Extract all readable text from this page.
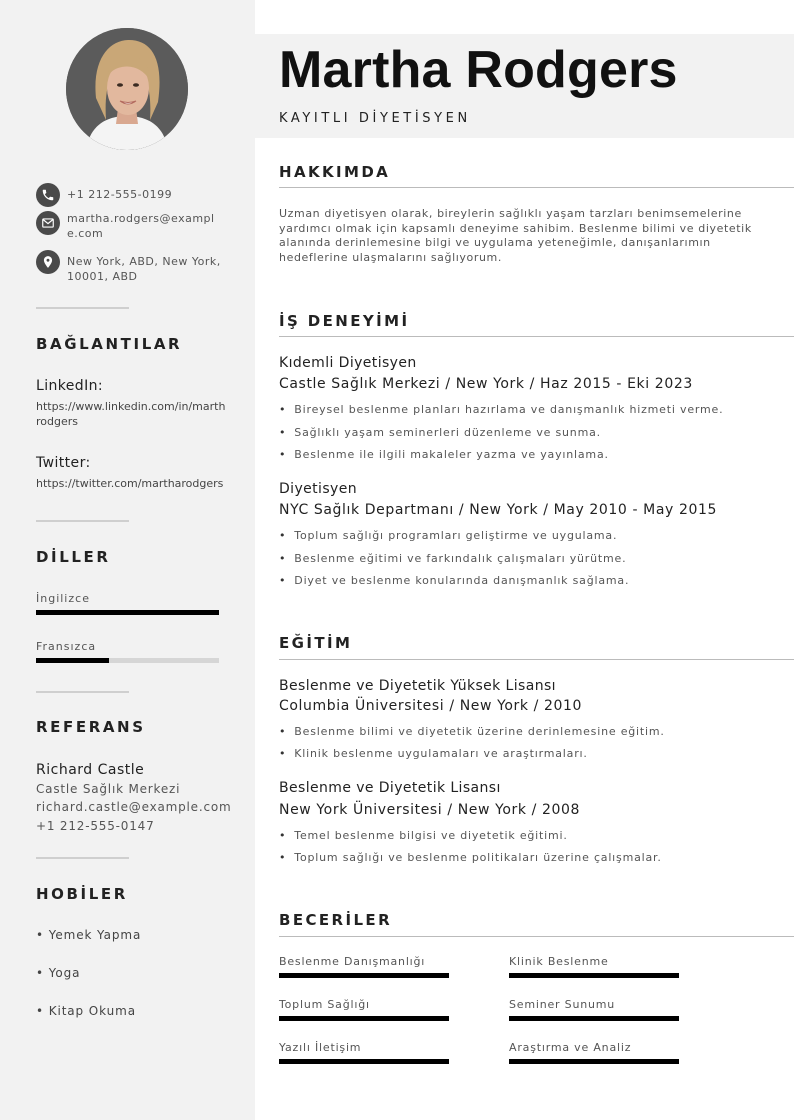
+1 212-555-0199
martha.rodgers@example.com
New York, ABD, New York, 10001, ABD
BAĞLANTILAR
LinkedIn:
https://www.linkedin.com/in/marthrodgers
Twitter:
https://twitter.com/martharodgers
DİLLER
İngilizce
Fransızca
REFERANS
Richard Castle
Castle Sağlık Merkezi
richard.castle@example.com
+1 212-555-0147
HOBİLER
• Yemek Yapma
• Yoga
• Kitap Okuma
Martha Rodgers
KAYITLI DİYETİSYEN
HAKKIMDA
Uzman diyetisyen olarak, bireylerin sağlıklı yaşam tarzları benimsemelerine yardımcı olmak için kapsamlı deneyime sahibim. Beslenme bilimi ve diyetetik alanında derinlemesine bilgi ve uygulama yeteneğimle, danışanlarımın hedeflerine ulaşmalarını sağlıyorum.
İŞ DENEYİMİ
Kıdemli Diyetisyen
Castle Sağlık Merkezi / New York / Haz 2015 - Eki 2023
• Bireysel beslenme planları hazırlama ve danışmanlık hizmeti verme.
• Sağlıklı yaşam seminerleri düzenleme ve sunma.
• Beslenme ile ilgili makaleler yazma ve yayınlama.
Diyetisyen
NYC Sağlık Departmanı / New York / May 2010 - May 2015
• Toplum sağlığı programları geliştirme ve uygulama.
• Beslenme eğitimi ve farkındalık çalışmaları yürütme.
• Diyet ve beslenme konularında danışmanlık sağlama.
EĞİTİM
Beslenme ve Diyetetik Yüksek Lisansı
Columbia Üniversitesi / New York / 2010
• Beslenme bilimi ve diyetetik üzerine derinlemesine eğitim.
• Klinik beslenme uygulamaları ve araştırmaları.
Beslenme ve Diyetetik Lisansı
New York Üniversitesi / New York / 2008
• Temel beslenme bilgisi ve diyetetik eğitimi.
• Toplum sağlığı ve beslenme politikaları üzerine çalışmalar.
BECERİLER
Beslenme Danışmanlığı	Klinik Beslenme
Toplum Sağlığı	Seminer Sunumu
Yazılı İletişim	Araştırma ve Analiz
